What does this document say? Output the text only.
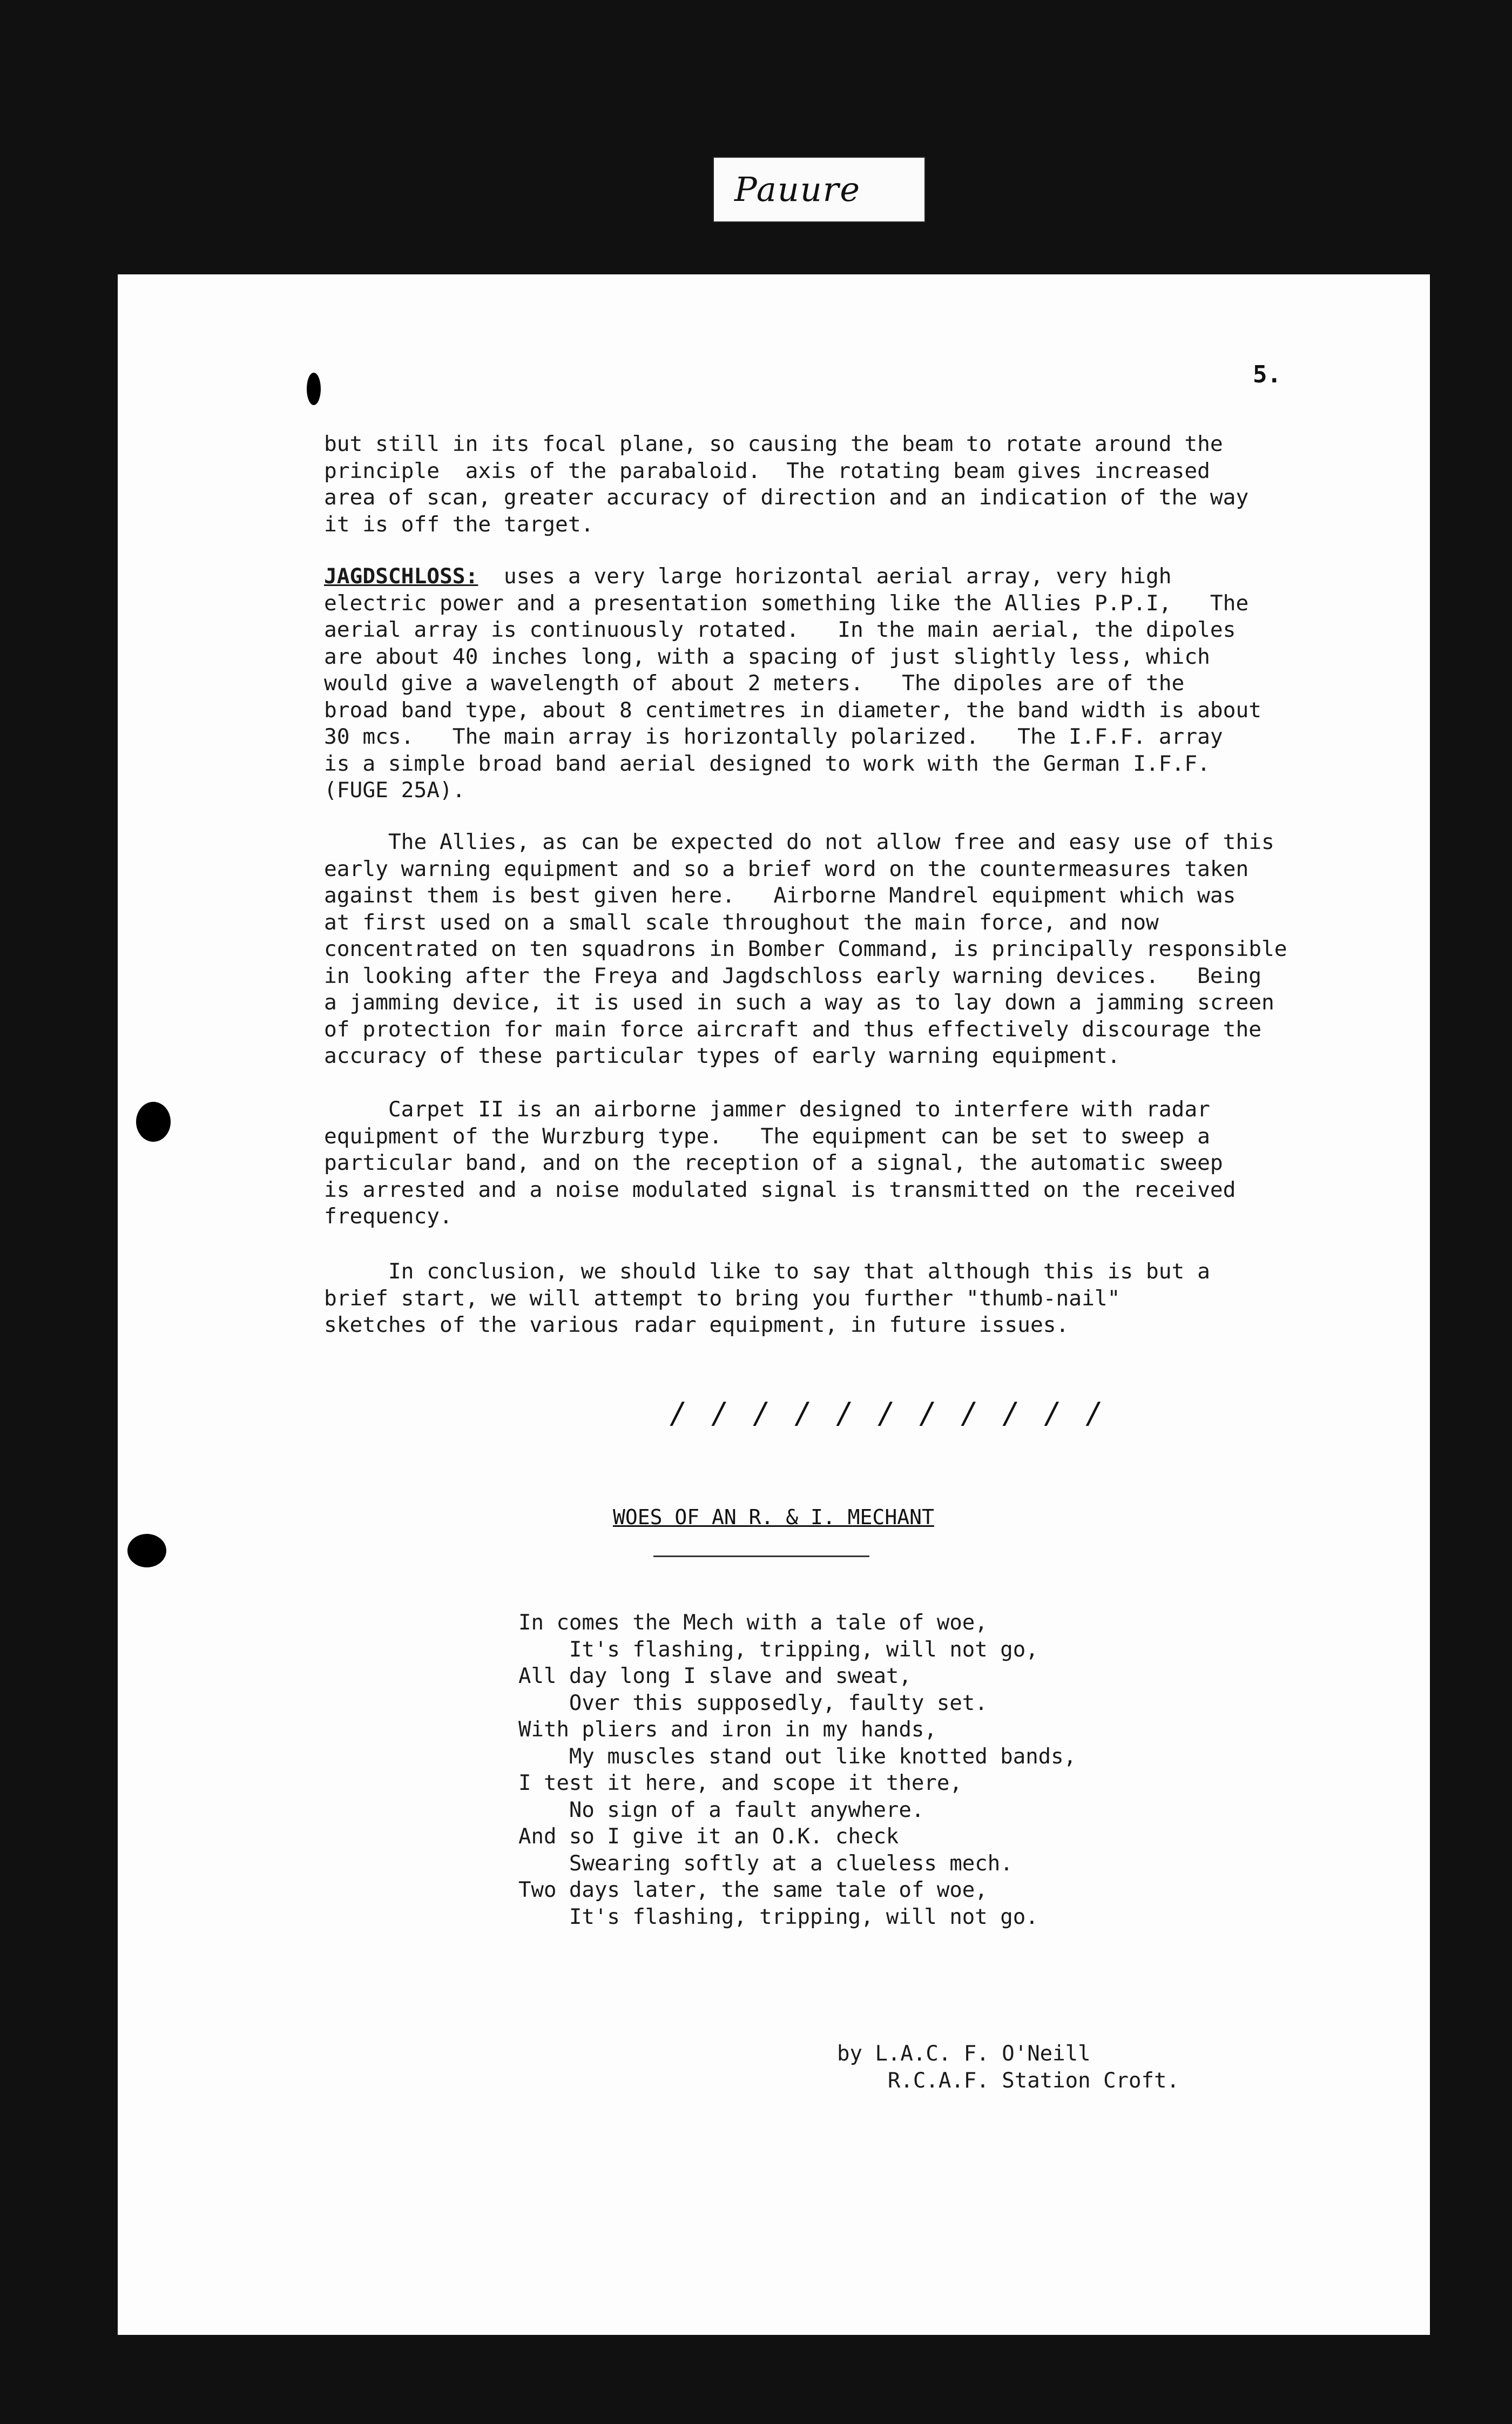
Pauure
5.
but still in its focal plane, so causing the beam to rotate around the
principle  axis of the parabaloid.  The rotating beam gives increased
area of scan, greater accuracy of direction and an indication of the way
it is off the target.
JAGDSCHLOSS:  uses a very large horizontal aerial array, very high
electric power and a presentation something like the Allies P.P.I,   The
aerial array is continuously rotated.   In the main aerial, the dipoles
are about 40 inches long, with a spacing of just slightly less, which
would give a wavelength of about 2 meters.   The dipoles are of the
broad band type, about 8 centimetres in diameter, the band width is about
30 mcs.   The main array is horizontally polarized.   The I.F.F. array
is a simple broad band aerial designed to work with the German I.F.F.
(FUGE 25A).
The Allies, as can be expected do not allow free and easy use of this
early warning equipment and so a brief word on the countermeasures taken
against them is best given here.   Airborne Mandrel equipment which was
at first used on a small scale throughout the main force, and now
concentrated on ten squadrons in Bomber Command, is principally responsible
in looking after the Freya and Jagdschloss early warning devices.   Being
a jamming device, it is used in such a way as to lay down a jamming screen
of protection for main force aircraft and thus effectively discourage the
accuracy of these particular types of early warning equipment.
Carpet II is an airborne jammer designed to interfere with radar
equipment of the Wurzburg type.   The equipment can be set to sweep a
particular band, and on the reception of a signal, the automatic sweep
is arrested and a noise modulated signal is transmitted on the received
frequency.
In conclusion, we should like to say that although this is but a
brief start, we will attempt to bring you further "thumb-nail"
sketches of the various radar equipment, in future issues.
/ / / / / / / / / / /
WOES OF AN R. & I. MECHANT
In comes the Mech with a tale of woe,
It's flashing, tripping, will not go,
All day long I slave and sweat,
Over this supposedly, faulty set.
With pliers and iron in my hands,
My muscles stand out like knotted bands,
I test it here, and scope it there,
No sign of a fault anywhere.
And so I give it an O.K. check
Swearing softly at a clueless mech.
Two days later, the same tale of woe,
It's flashing, tripping, will not go.
by L.A.C. F. O'Neill
R.C.A.F. Station Croft.
